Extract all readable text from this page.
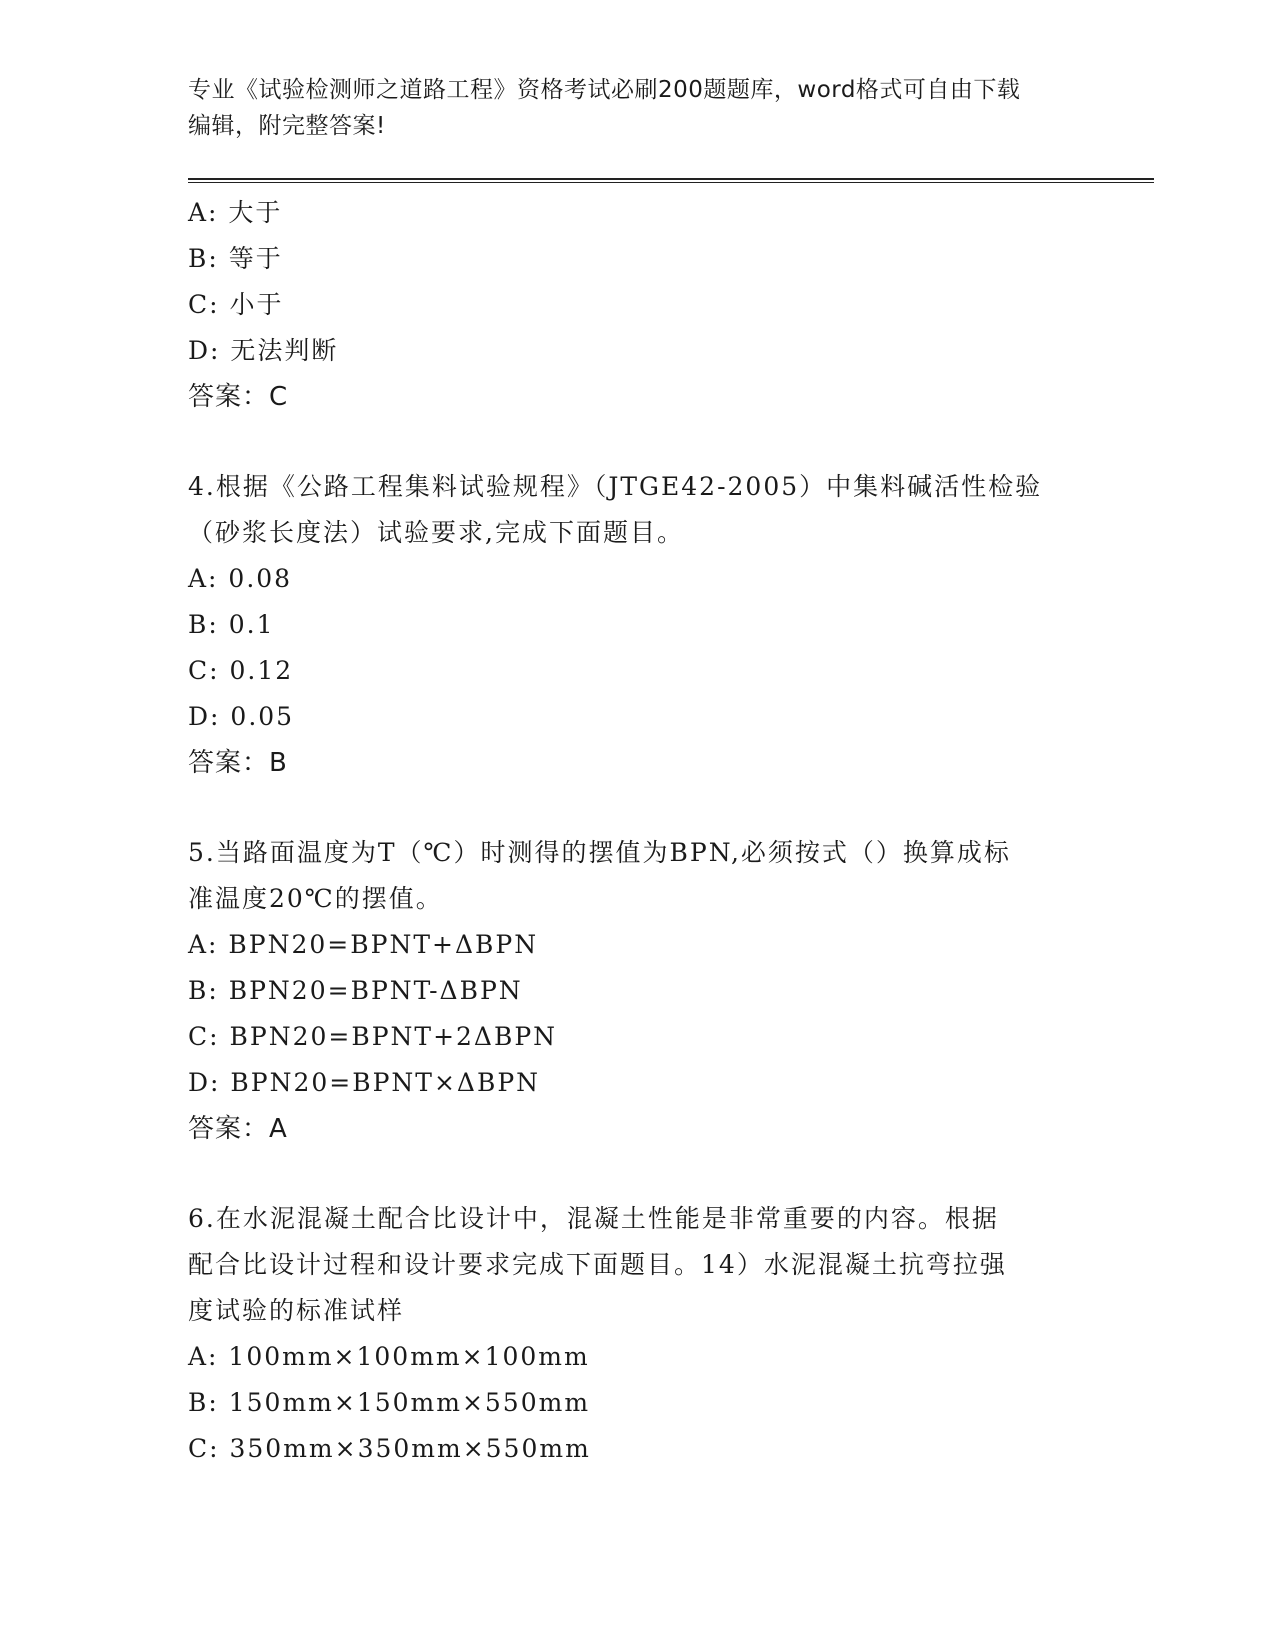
专业《试验检测师之道路工程》资格考试必刷200题题库，word格式可自由下载
编辑，附完整答案!
A: 大于
B: 等于
C: 小于
D: 无法判断
答案：C
4.根据《公路工程集料试验规程》（JTGE42-2005）中集料碱活性检验
（砂浆长度法）试验要求,完成下面题目。
A: 0.08
B: 0.1
C: 0.12
D: 0.05
答案：B
5.当路面温度为T（℃）时测得的摆值为BPN,必须按式（）换算成标
准温度20℃的摆值。
A: BPN20=BPNT+ΔBPN
B: BPN20=BPNT-ΔBPN
C: BPN20=BPNT+2ΔBPN
D: BPN20=BPNT×ΔBPN
答案：A
6.在水泥混凝土配合比设计中，混凝土性能是非常重要的内容。根据
配合比设计过程和设计要求完成下面题目。14）水泥混凝土抗弯拉强
度试验的标准试样
A: 100mm×100mm×100mm
B: 150mm×150mm×550mm
C: 350mm×350mm×550mm
